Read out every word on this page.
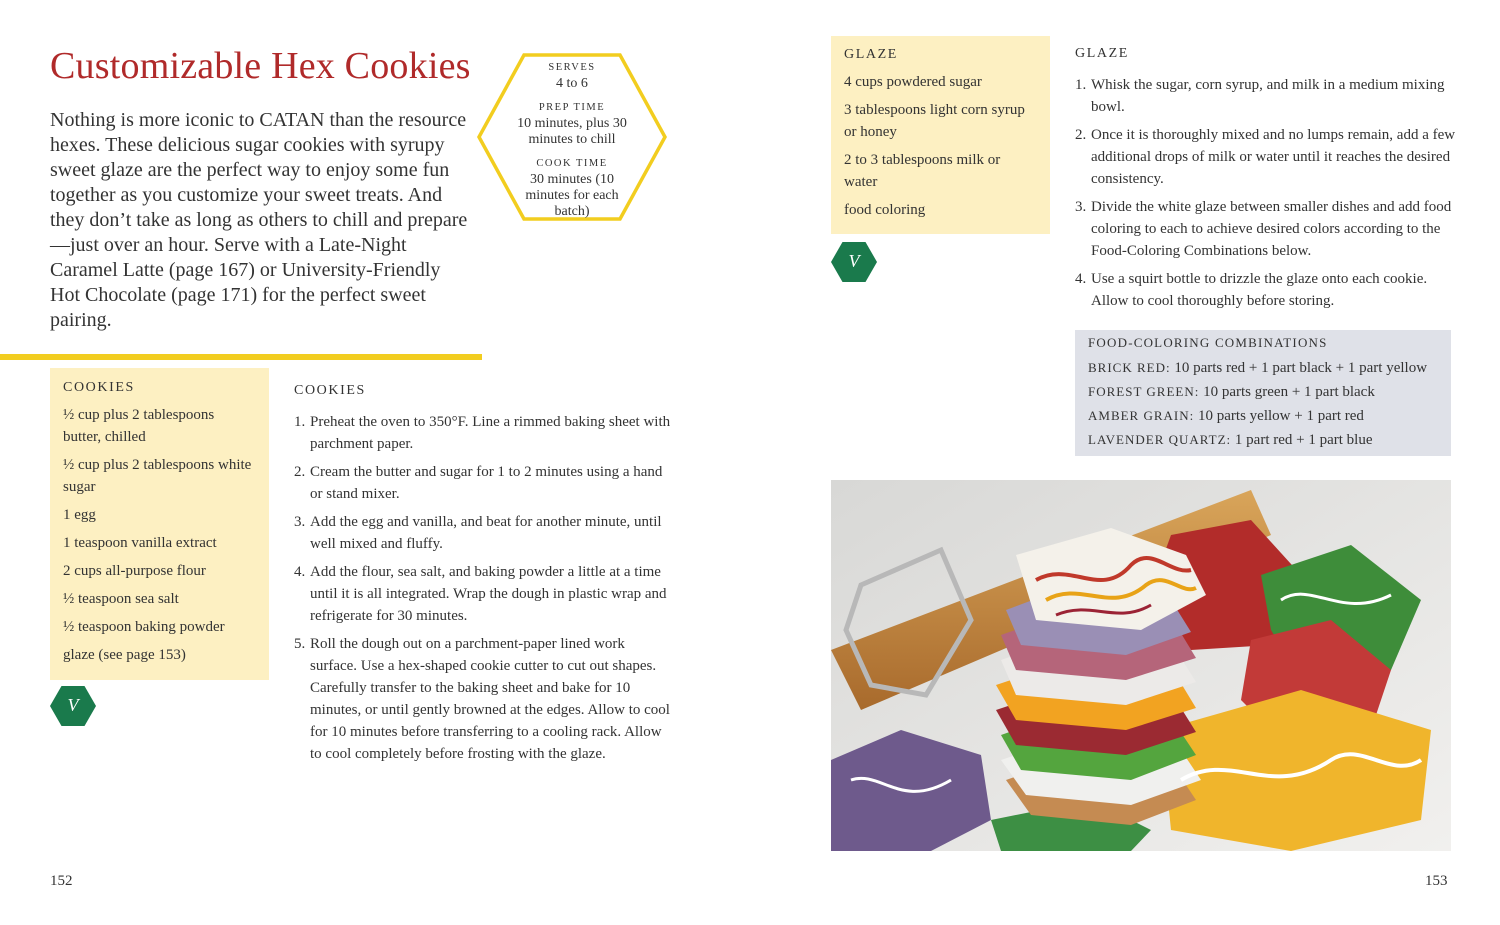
Customizable Hex Cookies

Nothing is more iconic to CATAN than the resource hexes. These delicious sugar cookies with syrupy sweet glaze are the perfect way to enjoy some fun together as you customize your sweet treats. And they don’t take as long as others to chill and prepare—just over an hour. Serve with a Late-Night Caramel Latte (page 167) or University-Friendly Hot Chocolate (page 171) for the perfect sweet pairing.

SERVES
4 to 6
PREP TIME
10 minutes, plus 30 minutes to chill
COOK TIME
30 minutes (10 minutes for each batch)
COOKIES
½ cup plus 2 tablespoons butter, chilled
½ cup plus 2 tablespoons white sugar
1 egg
1 teaspoon vanilla extract
2 cups all-purpose flour
½ teaspoon sea salt
½ teaspoon baking powder
glaze (see page 153)
V
COOKIES
1. Preheat the oven to 350°F. Line a rimmed baking sheet with parchment paper.
2. Cream the butter and sugar for 1 to 2 minutes using a hand or stand mixer.
3. Add the egg and vanilla, and beat for another minute, until well mixed and fluffy.
4. Add the flour, sea salt, and baking powder a little at a time until it is all integrated. Wrap the dough in plastic wrap and refrigerate for 30 minutes.
5. Roll the dough out on a parchment-paper lined work surface. Use a hex-shaped cookie cutter to cut out shapes. Carefully transfer to the baking sheet and bake for 10 minutes, or until gently browned at the edges. Allow to cool for 10 minutes before transferring to a cooling rack. Allow to cool completely before frosting with the glaze.
152
GLAZE
4 cups powdered sugar
3 tablespoons light corn syrup or honey
2 to 3 tablespoons milk or water
food coloring
V
GLAZE
1. Whisk the sugar, corn syrup, and milk in a medium mixing bowl.
2. Once it is thoroughly mixed and no lumps remain, add a few additional drops of milk or water until it reaches the desired consistency.
3. Divide the white glaze between smaller dishes and add food coloring to each to achieve desired colors according to the Food-Coloring Combinations below.
4. Use a squirt bottle to drizzle the glaze onto each cookie. Allow to cool thoroughly before storing.
FOOD-COLORING COMBINATIONS
BRICK RED: 10 parts red + 1 part black + 1 part yellow
FOREST GREEN: 10 parts green + 1 part black
AMBER GRAIN: 10 parts yellow + 1 part red
LAVENDER QUARTZ: 1 part red + 1 part blue
153
